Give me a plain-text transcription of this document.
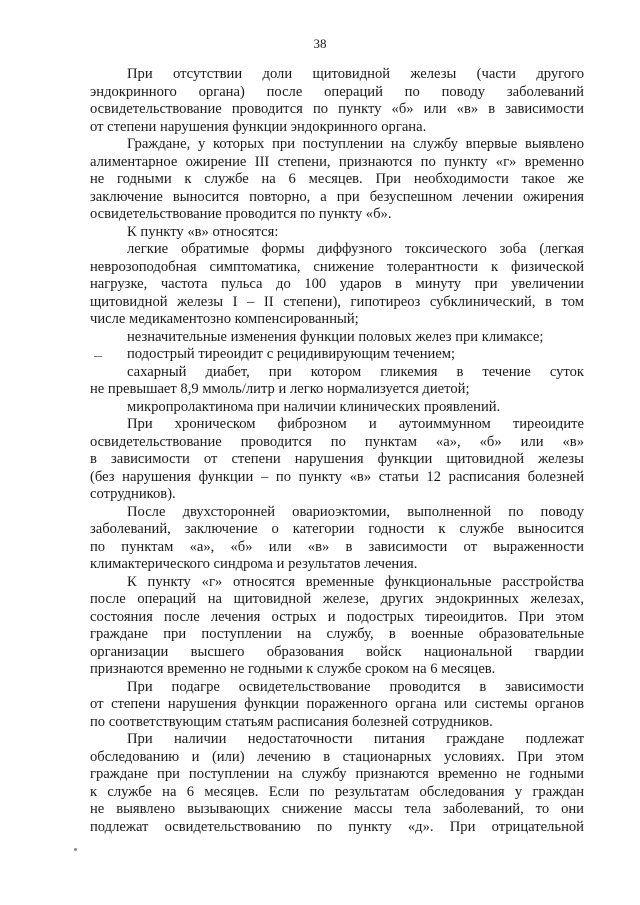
38
При отсутствии доли щитовидной железы (части другого
эндокринного органа) после операций по поводу заболеваний
освидетельствование проводится по пункту «б» или «в» в зависимости
от степени нарушения функции эндокринного органа.
Граждане, у которых при поступлении на службу впервые выявлено
алиментарное ожирение III степени, признаются по пункту «г» временно
не годными к службе на 6 месяцев. При необходимости такое же
заключение выносится повторно, а при безуспешном лечении ожирения
освидетельствование проводится по пункту «б».
К пункту «в» относятся:
легкие обратимые формы диффузного токсического зоба (легкая
неврозоподобная симптоматика, снижение толерантности к физической
нагрузке, частота пульса до 100 ударов в минуту при увеличении
щитовидной железы I – II степени), гипотиреоз субклинический, в том
числе медикаментозно компенсированный;
незначительные изменения функции половых желез при климаксе;
подострый тиреоидит с рецидивирующим течением;
сахарный диабет, при котором гликемия в течение суток
не превышает 8,9 ммоль/литр и легко нормализуется диетой;
микропролактинома при наличии клинических проявлений.
При хроническом фиброзном и аутоиммунном тиреоидите
освидетельствование проводится по пунктам «а», «б» или «в»
в зависимости от степени нарушения функции щитовидной железы
(без нарушения функции – по пункту «в» статьи 12 расписания болезней
сотрудников).
После двухсторонней овариоэктомии, выполненной по поводу
заболеваний, заключение о категории годности к службе выносится
по пунктам «а», «б» или «в» в зависимости от выраженности
климактерического синдрома и результатов лечения.
К пункту «г» относятся временные функциональные расстройства
после операций на щитовидной железе, других эндокринных железах,
состояния после лечения острых и подострых тиреоидитов. При этом
граждане при поступлении на службу, в военные образовательные
организации высшего образования войск национальной гвардии
признаются временно не годными к службе сроком на 6 месяцев.
При подагре освидетельствование проводится в зависимости
от степени нарушения функции пораженного органа или системы органов
по соответствующим статьям расписания болезней сотрудников.
При наличии недостаточности питания граждане подлежат
обследованию и (или) лечению в стационарных условиях. При этом
граждане при поступлении на службу признаются временно не годными
к службе на 6 месяцев. Если по результатам обследования у граждан
не выявлено вызывающих снижение массы тела заболеваний, то они
подлежат освидетельствованию по пункту «д». При отрицательной
